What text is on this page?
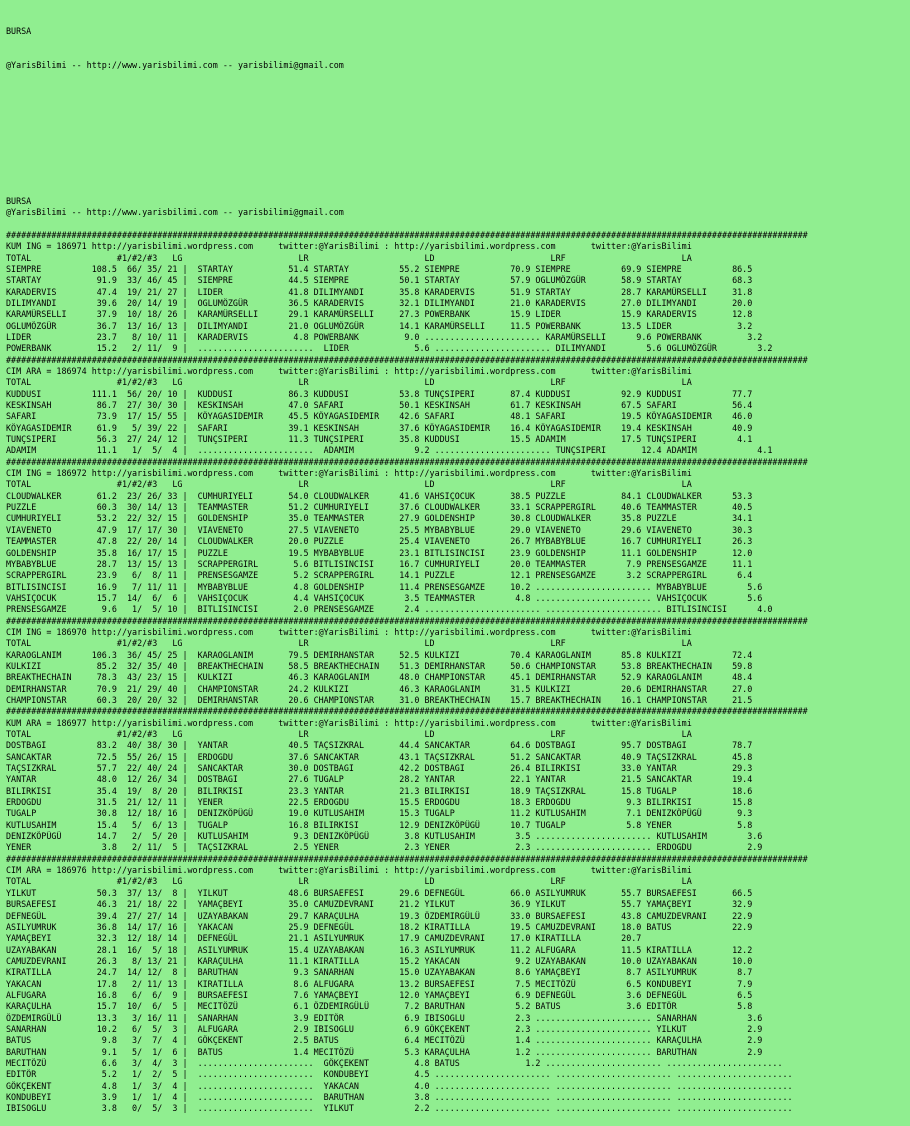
BURSA

@YarisBilimi -- http://www.yarisbilimi.com -- yarisbilimi@gmail.com

BURSA
@YarisBilimi -- http://www.yarisbilimi.com -- yarisbilimi@gmail.com

###############################################################################################################################################################
KUM ING = 186971 http://yarisbilimi.wordpress.com     twitter:@YarisBilimi : http://yarisbilimi.wordpress.com       twitter:@YarisBilimi
TOTAL                 #1/#2/#3   LG                       LR                       LD                       LRF                       LA
SIEMPRE          108.5  66/ 35/ 21 |  STARTAY           51.4 STARTAY          55.2 SIEMPRE          70.9 SIEMPRE          69.9 SIEMPRE          86.5
STARTAY           91.9  33/ 46/ 45 |  SIEMPRE           44.5 SIEMPRE          50.1 STARTAY          57.9 OGLUMÖZGÜR       58.9 STARTAY          68.3
KARADERVIS        47.4  19/ 21/ 27 |  LIDER             41.8 DILIMYANDI       35.8 KARADERVIS       51.9 STARTAY          28.7 KARAMÜRSELLI     31.8
DILIMYANDI        39.6  20/ 14/ 19 |  OGLUMÖZGÜR        36.5 KARADERVIS       32.1 DILIMYANDI       21.0 KARADERVIS       27.0 DILIMYANDI       20.0
KARAMÜRSELLI      37.9  10/ 18/ 26 |  KARAMÜRSELLI      29.1 KARAMÜRSELLI     27.3 POWERBANK        15.9 LIDER            15.9 KARADERVIS       12.8
OGLUMÖZGÜR        36.7  13/ 16/ 13 |  DILIMYANDI        21.0 OGLUMÖZGÜR       14.1 KARAMÜRSELLI     11.5 POWERBANK        13.5 LIDER             3.2
LIDER             23.7   8/ 10/ 11 |  KARADERVIS         4.8 POWERBANK         9.0 ....................... KARAMÜRSELLI      9.6 POWERBANK         3.2
POWERBANK         15.2   2/ 11/  9 |  .......................  LIDER             5.6 ....................... DILIMYANDI        5.6 OGLUMÖZGÜR        3.2
###############################################################################################################################################################
CIM ARA = 186974 http://yarisbilimi.wordpress.com     twitter:@YarisBilimi : http://yarisbilimi.wordpress.com       twitter:@YarisBilimi
TOTAL                 #1/#2/#3   LG                       LR                       LD                       LRF                       LA
KUDDUSI          111.1  56/ 20/ 10 |  KUDDUSI           86.3 KUDDUSI          53.8 TUNÇSIPERI       87.4 KUDDUSI          92.9 KUDDUSI          77.7
KESKINSAH         86.7  27/ 30/ 30 |  KESKINSAH         47.0 SAFARI           50.1 KESKINSAH        61.7 KESKINSAH        67.5 SAFARI           56.4
SAFARI            73.9  17/ 15/ 55 |  KÖYAGASIDEMIR     45.5 KÖYAGASIDEMIR    42.6 SAFARI           48.1 SAFARI           19.5 KÖYAGASIDEMIR    46.0
KÖYAGASIDEMIR     61.9   5/ 39/ 22 |  SAFARI            39.1 KESKINSAH        37.6 KÖYAGASIDEMIR    16.4 KÖYAGASIDEMIR    19.4 KESKINSAH        40.9
TUNÇSIPERI        56.3  27/ 24/ 12 |  TUNÇSIPERI        11.3 TUNÇSIPERI       35.8 KUDDUSI          15.5 ADAMIM           17.5 TUNÇSIPERI        4.1
ADAMIM            11.1   1/  5/  4 |  .......................  ADAMIM            9.2 ....................... TUNÇSIPERI       12.4 ADAMIM            4.1
###############################################################################################################################################################
CIM ING = 186972 http://yarisbilimi.wordpress.com     twitter:@YarisBilimi : http://yarisbilimi.wordpress.com       twitter:@YarisBilimi
TOTAL                 #1/#2/#3   LG                       LR                       LD                       LRF                       LA
CLOUDWALKER       61.2  23/ 26/ 33 |  CUMHURIYELI       54.0 CLOUDWALKER      41.6 VAHSIÇOCUK       38.5 PUZZLE           84.1 CLOUDWALKER      53.3
PUZZLE            60.3  30/ 14/ 13 |  TEAMMASTER        51.2 CUMHURIYELI      37.6 CLOUDWALKER      33.1 SCRAPPERGIRL     40.6 TEAMMASTER       40.5
CUMHURIYELI       53.2  22/ 32/ 15 |  GOLDENSHIP        35.0 TEAMMASTER       27.9 GOLDENSHIP       30.8 CLOUDWALKER      35.8 PUZZLE           34.1
VIAVENETO         47.9  17/ 17/ 30 |  VIAVENETO         27.5 VIAVENETO        25.5 MYBABYBLUE       29.0 VIAVENETO        29.6 VIAVENETO        30.3
TEAMMASTER        47.8  22/ 20/ 14 |  CLOUDWALKER       20.0 PUZZLE           25.4 VIAVENETO        26.7 MYBABYBLUE       16.7 CUMHURIYELI      26.3
GOLDENSHIP        35.8  16/ 17/ 15 |  PUZZLE            19.5 MYBABYBLUE       23.1 BITLISINCISI     23.9 GOLDENSHIP       11.1 GOLDENSHIP       12.0
MYBABYBLUE        28.7  13/ 15/ 13 |  SCRAPPERGIRL       5.6 BITLISINCISI     16.7 CUMHURIYELI      20.0 TEAMMASTER        7.9 PRENSESGAMZE     11.1
SCRAPPERGIRL      23.9   6/  8/ 11 |  PRENSESGAMZE       5.2 SCRAPPERGIRL     14.1 PUZZLE           12.1 PRENSESGAMZE      3.2 SCRAPPERGIRL      6.4
BITLISINCISI      16.9   7/ 11/ 11 |  MYBABYBLUE         4.8 GOLDENSHIP       11.4 PRENSESGAMZE     10.2 ....................... MYBABYBLUE        5.6
VAHSIÇOCUK        15.7  14/  6/  6 |  VAHSIÇOCUK         4.4 VAHSIÇOCUK        3.5 TEAMMASTER        4.8 ....................... VAHSIÇOCUK        5.6
PRENSESGAMZE       9.6   1/  5/ 10 |  BITLISINCISI       2.0 PRENSESGAMZE      2.4 ....................... ....................... BITLISINCISI      4.0
###############################################################################################################################################################
CIM ING = 186970 http://yarisbilimi.wordpress.com     twitter:@YarisBilimi : http://yarisbilimi.wordpress.com       twitter:@YarisBilimi
TOTAL                 #1/#2/#3   LG                       LR                       LD                       LRF                       LA
KARAOGLANIM      106.3  36/ 45/ 25 |  KARAOGLANIM       79.5 DEMIRHANSTAR     52.5 KULKIZI          70.4 KARAOGLANIM      85.8 KULKIZI          72.4
KULKIZI           85.2  32/ 35/ 40 |  BREAKTHECHAIN     58.5 BREAKTHECHAIN    51.3 DEMIRHANSTAR     50.6 CHAMPIONSTAR     53.8 BREAKTHECHAIN    59.8
BREAKTHECHAIN     78.3  43/ 23/ 15 |  KULKIZI           46.3 KARAOGLANIM      48.0 CHAMPIONSTAR     45.1 DEMIRHANSTAR     52.9 KARAOGLANIM      48.4
DEMIRHANSTAR      70.9  21/ 29/ 40 |  CHAMPIONSTAR      24.2 KULKIZI          46.3 KARAOGLANIM      31.5 KULKIZI          20.6 DEMIRHANSTAR     27.0
CHAMPIONSTAR      60.3  20/ 20/ 32 |  DEMIRHANSTAR      20.6 CHAMPIONSTAR     31.0 BREAKTHECHAIN    15.7 BREAKTHECHAIN    16.1 CHAMPIONSTAR     21.5
###############################################################################################################################################################
KUM ARA = 186977 http://yarisbilimi.wordpress.com     twitter:@YarisBilimi : http://yarisbilimi.wordpress.com       twitter:@YarisBilimi
TOTAL                 #1/#2/#3   LG                       LR                       LD                       LRF                       LA
DOSTBAGI          83.2  40/ 38/ 30 |  YANTAR            40.5 TAÇSIZKRAL       44.4 SANCAKTAR        64.6 DOSTBAGI         95.7 DOSTBAGI         78.7
SANCAKTAR         72.5  55/ 26/ 15 |  ERDOGDU           37.6 SANCAKTAR        43.1 TAÇSIZKRAL       51.2 SANCAKTAR        40.9 TAÇSIZKRAL       45.8
TAÇSIZKRAL        57.7  22/ 40/ 24 |  SANCAKTAR         30.0 DOSTBAGI         42.2 DOSTBAGI         26.4 BILIRKISI        33.0 YANTAR           29.3
YANTAR            48.0  12/ 26/ 34 |  DOSTBAGI          27.6 TUGALP           28.2 YANTAR           22.1 YANTAR           21.5 SANCAKTAR        19.4
BILIRKISI         35.4  19/  8/ 20 |  BILIRKISI         23.3 YANTAR           21.3 BILIRKISI        18.9 TAÇSIZKRAL       15.8 TUGALP           18.6
ERDOGDU           31.5  21/ 12/ 11 |  YENER             22.5 ERDOGDU          15.5 ERDOGDU          18.3 ERDOGDU           9.3 BILIRKISI        15.8
TUGALP            30.8  12/ 18/ 16 |  DENIZKÖPÜGÜ       19.0 KUTLUSAHIM       15.3 TUGALP           11.2 KUTLUSAHIM        7.1 DENIZKÖPÜGÜ       9.3
KUTLUSAHIM        15.4   5/  6/ 13 |  TUGALP            16.8 BILIRKISI        12.9 DENIZKÖPÜGÜ      10.7 TUGALP            5.8 YENER             5.8
DENIZKÖPÜGÜ       14.7   2/  5/ 20 |  KUTLUSAHIM         9.3 DENIZKÖPÜGÜ       3.8 KUTLUSAHIM        3.5 ....................... KUTLUSAHIM        3.6
YENER              3.8   2/ 11/  5 |  TAÇSIZKRAL         2.5 YENER             2.3 YENER             2.3 ....................... ERDOGDU           2.9
###############################################################################################################################################################
CIM ARA = 186976 http://yarisbilimi.wordpress.com     twitter:@YarisBilimi : http://yarisbilimi.wordpress.com       twitter:@YarisBilimi
TOTAL                 #1/#2/#3   LG                       LR                       LD                       LRF                       LA
YILKUT            50.3  37/ 13/  8 |  YILKUT            48.6 BURSAEFESI       29.6 DEFNEGÜL         66.0 ASILYUMRUK       55.7 BURSAEFESI       66.5
BURSAEFESI        46.3  21/ 18/ 22 |  YAMAÇBEYI         35.0 CAMUZDEVRANI     21.2 YILKUT           36.9 YILKUT           55.7 YAMAÇBEYI        32.9
DEFNEGÜL          39.4  27/ 27/ 14 |  UZAYABAKAN        29.7 KARAÇULHA        19.3 ÖZDEMIRGÜLÜ      33.0 BURSAEFESI       43.8 CAMUZDEVRANI     22.9
ASILYUMRUK        36.8  14/ 17/ 16 |  YAKACAN           25.9 DEFNEGÜL         18.2 KIRATILLA        19.5 CAMUZDEVRANI     18.0 BATUS            22.9
YAMAÇBEYI         32.3  12/ 18/ 14 |  DEFNEGÜL          21.1 ASILYUMRUK       17.9 CAMUZDEVRANI     17.0 KIRATILLA        20.7
UZAYABAKAN        28.1  16/  5/ 18 |  ASILYUMRUK        15.4 UZAYABAKAN       16.3 ASILYUMRUK       11.2 ALFUGARA         11.5 KIRATILLA        12.2
CAMUZDEVRANI      26.3   8/ 13/ 21 |  KARAÇULHA         11.1 KIRATILLA        15.2 YAKACAN           9.2 UZAYABAKAN       10.0 UZAYABAKAN       10.0
KIRATILLA         24.7  14/ 12/  8 |  BARUTHAN           9.3 SANARHAN         15.0 UZAYABAKAN        8.6 YAMAÇBEYI         8.7 ASILYUMRUK        8.7
YAKACAN           17.8   2/ 11/ 13 |  KIRATILLA          8.6 ALFUGARA         13.2 BURSAEFESI        7.5 MECITÖZÜ          6.5 KONDUBEYI         7.9
ALFUGARA          16.8   6/  6/  9 |  BURSAEFESI         7.6 YAMAÇBEYI        12.0 YAMAÇBEYI         6.9 DEFNEGÜL          3.6 DEFNEGÜL          6.5
KARAÇULHA         15.7  10/  6/  5 |  MECITÖZÜ           6.1 ÖZDEMIRGÜLÜ       7.2 BARUTHAN          5.2 BATUS             3.6 EDITÖR            5.8
ÖZDEMIRGÜLÜ       13.3   3/ 16/ 11 |  SANARHAN           3.9 EDITÖR            6.9 IBISOGLU          2.3 ....................... SANARHAN          3.6
SANARHAN          10.2   6/  5/  3 |  ALFUGARA           2.9 IBISOGLU          6.9 GÖKÇEKENT         2.3 ....................... YILKUT            2.9
BATUS              9.8   3/  7/  4 |  GÖKÇEKENT          2.5 BATUS             6.4 MECITÖZÜ          1.4 ....................... KARAÇULHA         2.9
BARUTHAN           9.1   5/  1/  6 |  BATUS              1.4 MECITÖZÜ          5.3 KARAÇULHA         1.2 ....................... BARUTHAN          2.9
MECITÖZÜ           6.6   3/  4/  3 |  .......................  GÖKÇEKENT         4.8 BATUS             1.2 ....................... .......................
EDITÖR             5.2   1/  2/  5 |  .......................  KONDUBEYI         4.5 ....................... ....................... .......................
GÖKÇEKENT          4.8   1/  3/  4 |  .......................  YAKACAN           4.0 ....................... ....................... .......................
KONDUBEYI          3.9   1/  1/  4 |  .......................  BARUTHAN          3.8 ....................... ....................... .......................
IBISOGLU           3.8   0/  5/  3 |  .......................  YILKUT            2.2 ....................... ....................... .......................
